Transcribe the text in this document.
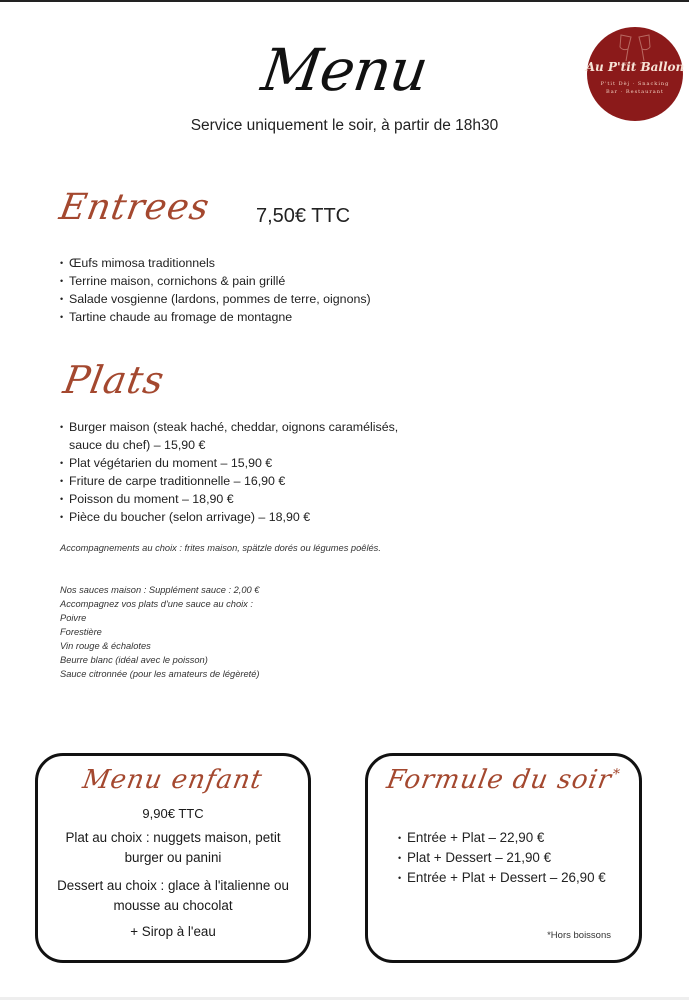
Menu
Service uniquement le soir, à partir de 18h30
Au P'tit Ballon
P'tit Dèj · Snacking
Bar · Restaurant
Entrees 7,50€ TTC
• Œufs mimosa traditionnels
• Terrine maison, cornichons & pain grillé
• Salade vosgienne (lardons, pommes de terre, oignons)
• Tartine chaude au fromage de montagne
Plats
• Burger maison (steak haché, cheddar, oignons caramélisés,
sauce du chef) – 15,90 €
• Plat végétarien du moment – 15,90 €
• Friture de carpe traditionnelle – 16,90 €
• Poisson du moment – 18,90 €
• Pièce du boucher (selon arrivage) – 18,90 €
Accompagnements au choix : frites maison, spätzle dorés ou légumes poêlés.
Nos sauces maison : Supplément sauce : 2,00 €
Accompagnez vos plats d'une sauce au choix :
Poivre
Forestière
Vin rouge & échalotes
Beurre blanc (idéal avec le poisson)
Sauce citronnée (pour les amateurs de légèreté)
Menu enfant
9,90€ TTC
Plat au choix : nuggets maison, petit burger ou panini
Dessert au choix : glace à l'italienne ou mousse au chocolat
+ Sirop à l'eau
Formule du soir*
• Entrée + Plat – 22,90 €
• Plat + Dessert – 21,90 €
• Entrée + Plat + Dessert – 26,90 €
*Hors boissons
